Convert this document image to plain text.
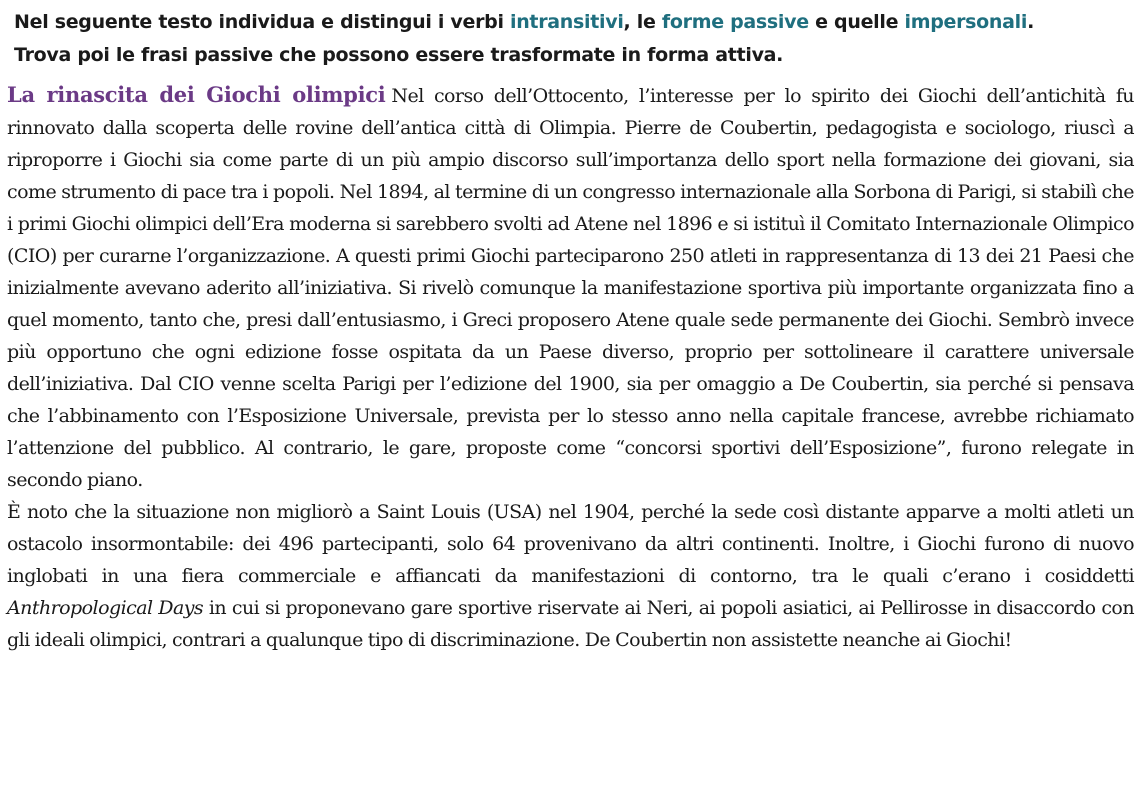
Nel seguente testo individua e distingui i verbi intransitivi, le forme passive e quelle impersonali.
Trova poi le frasi passive che possono essere trasformate in forma attiva.

La rinascita dei Giochi olimpici Nel corso dell’Ottocento, l’interesse per lo spirito dei Giochi dell’antichità fu rinnovato dalla scoperta delle rovine dell’antica città di Olimpia. Pierre de Coubertin, pedagogista e sociologo, riuscì a riproporre i Giochi sia come parte di un più ampio discorso sull’importanza dello sport nella formazione dei giovani, sia come strumento di pace tra i popoli. Nel 1894, al termine di un congresso internazionale alla Sorbona di Parigi, si stabilì che i primi Giochi olimpici dell’Era moderna si sarebbero svolti ad Atene nel 1896 e si istituì il Comitato Internazionale Olimpico (CIO) per curarne l’organizzazione. A questi primi Giochi parteciparono 250 atleti in rappresentanza di 13 dei 21 Paesi che inizialmente avevano aderito all’iniziativa. Si rivelò comunque la manifestazione sportiva più importante organizzata fino a quel momento, tanto che, presi dall’entusiasmo, i Greci proposero Atene quale sede permanente dei Giochi. Sembrò invece più opportuno che ogni edizione fosse ospitata da un Paese diverso, proprio per sottolineare il carattere universale dell’iniziativa. Dal CIO venne scelta Parigi per l’edizione del 1900, sia per omaggio a De Coubertin, sia perché si pensava che l’abbinamento con l’Esposizione Universale, prevista per lo stesso anno nella capitale francese, avrebbe richiamato l’attenzione del pubblico. Al contrario, le gare, proposte come “concorsi sportivi dell’Esposizione”, furono relegate in secondo piano.

È noto che la situazione non migliorò a Saint Louis (USA) nel 1904, perché la sede così distante apparve a molti atleti un ostacolo insormontabile: dei 496 partecipanti, solo 64 provenivano da altri continenti. Inoltre, i Giochi furono di nuovo inglobati in una fiera commerciale e affiancati da manifestazioni di contorno, tra le quali c’erano i cosiddetti Anthropological Days in cui si proponevano gare sportive riservate ai Neri, ai popoli asiatici, ai Pellirosse in disaccordo con gli ideali olimpici, contrari a qualunque tipo di discriminazione. De Coubertin non assistette neanche ai Giochi!
